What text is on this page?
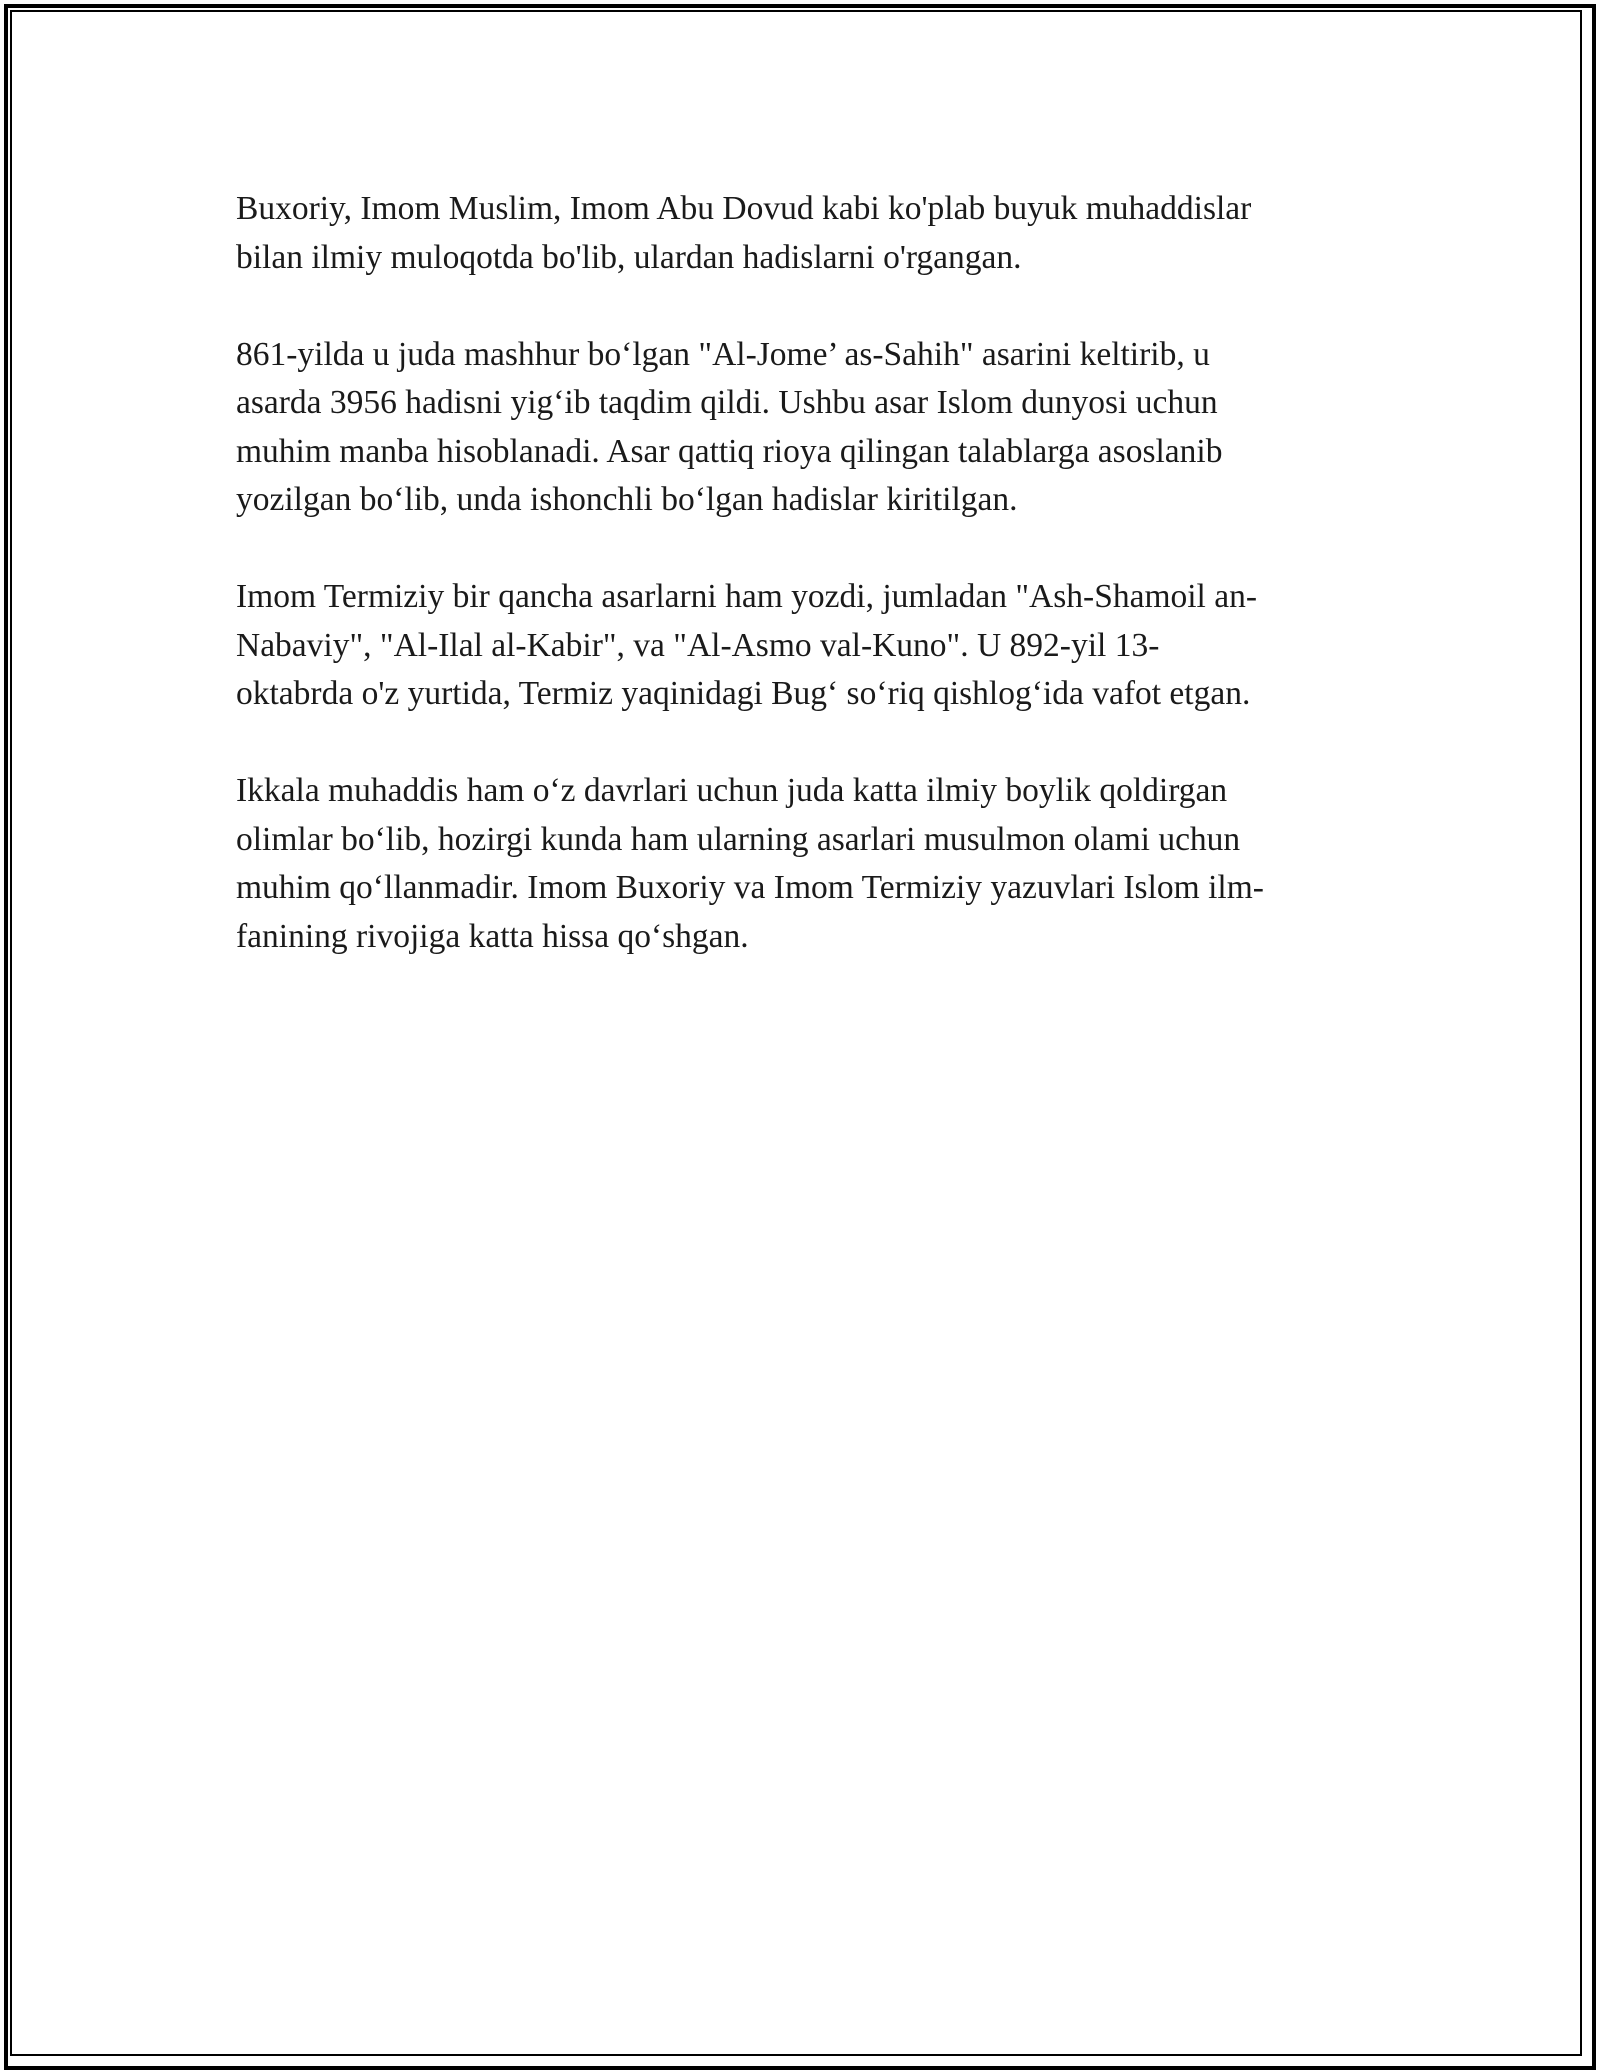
Buxoriy, Imom Muslim, Imom Abu Dovud kabi ko'plab buyuk muhaddislar
bilan ilmiy muloqotda bo'lib, ulardan hadislarni o'rgangan.

861-yilda u juda mashhur boʻlgan "Al-Jome’ as-Sahih" asarini keltirib, u
asarda 3956 hadisni yigʻib taqdim qildi. Ushbu asar Islom dunyosi uchun
muhim manba hisoblanadi. Asar qattiq rioya qilingan talablarga asoslanib
yozilgan boʻlib, unda ishonchli boʻlgan hadislar kiritilgan.

Imom Termiziy bir qancha asarlarni ham yozdi, jumladan "Ash-Shamoil an-
Nabaviy", "Al-Ilal al-Kabir", va "Al-Asmo val-Kuno". U 892-yil 13-
oktabrda o'z yurtida, Termiz yaqinidagi Bugʻ soʻriq qishlogʻida vafot etgan.

Ikkala muhaddis ham oʻz davrlari uchun juda katta ilmiy boylik qoldirgan
olimlar boʻlib, hozirgi kunda ham ularning asarlari musulmon olami uchun
muhim qoʻllanmadir. Imom Buxoriy va Imom Termiziy yazuvlari Islom ilm-
fanining rivojiga katta hissa qoʻshgan.
